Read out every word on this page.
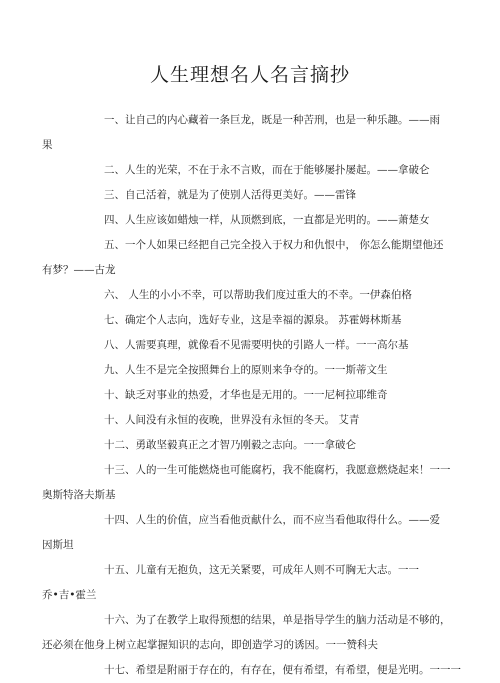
人生理想名人名言摘抄
一、让自己的内心藏着一条巨龙，既是一种苦刑，也是一种乐趣。——雨
果
二、人生的光荣，不在于永不言败，而在于能够屡扑屡起。——拿破仑
三、自己活着，就是为了使别人活得更美好。——雷锋
四、人生应该如蜡烛一样，从顶燃到底，一直都是光明的。——萧楚女
五、一个人如果已经把自己完全投入于权力和仇恨中， 你怎么能期望他还
有梦？——古龙
六、 人生的小小不幸，可以帮助我们度过重大的不幸。一伊森伯格
七、确定个人志向，选好专业，这是幸福的源泉。 苏霍姆林斯基
八、人需要真理，就像看不见需要明快的引路人一样。一一高尔基
九、人生不是完全按照舞台上的原则来争夺的。一一斯蒂文生
十、缺乏对事业的热爱，才华也是无用的。一一尼柯拉耶维奇
十、人间没有永恒的夜晚，世界没有永恒的冬天。 艾青
十二、勇敢坚毅真正之才智乃刚毅之志向。一一拿破仑
十三、人的一生可能燃烧也可能腐朽，我不能腐朽，我愿意燃烧起来！一一
奥斯特洛夫斯基
十四、人生的价值，应当看他贡献什么，而不应当看他取得什么。——爱
因斯坦
十五、儿童有无抱负，这无关紧要，可成年人则不可胸无大志。一一
乔•吉•霍兰
十六、为了在教学上取得预想的结果，单是指导学生的脑力活动是不够的，
还必须在他身上树立起掌握知识的志向，即创造学习的诱因。一一赞科夫
十七、希望是附丽于存在的，有存在，便有希望，有希望，便是光明。一一一
